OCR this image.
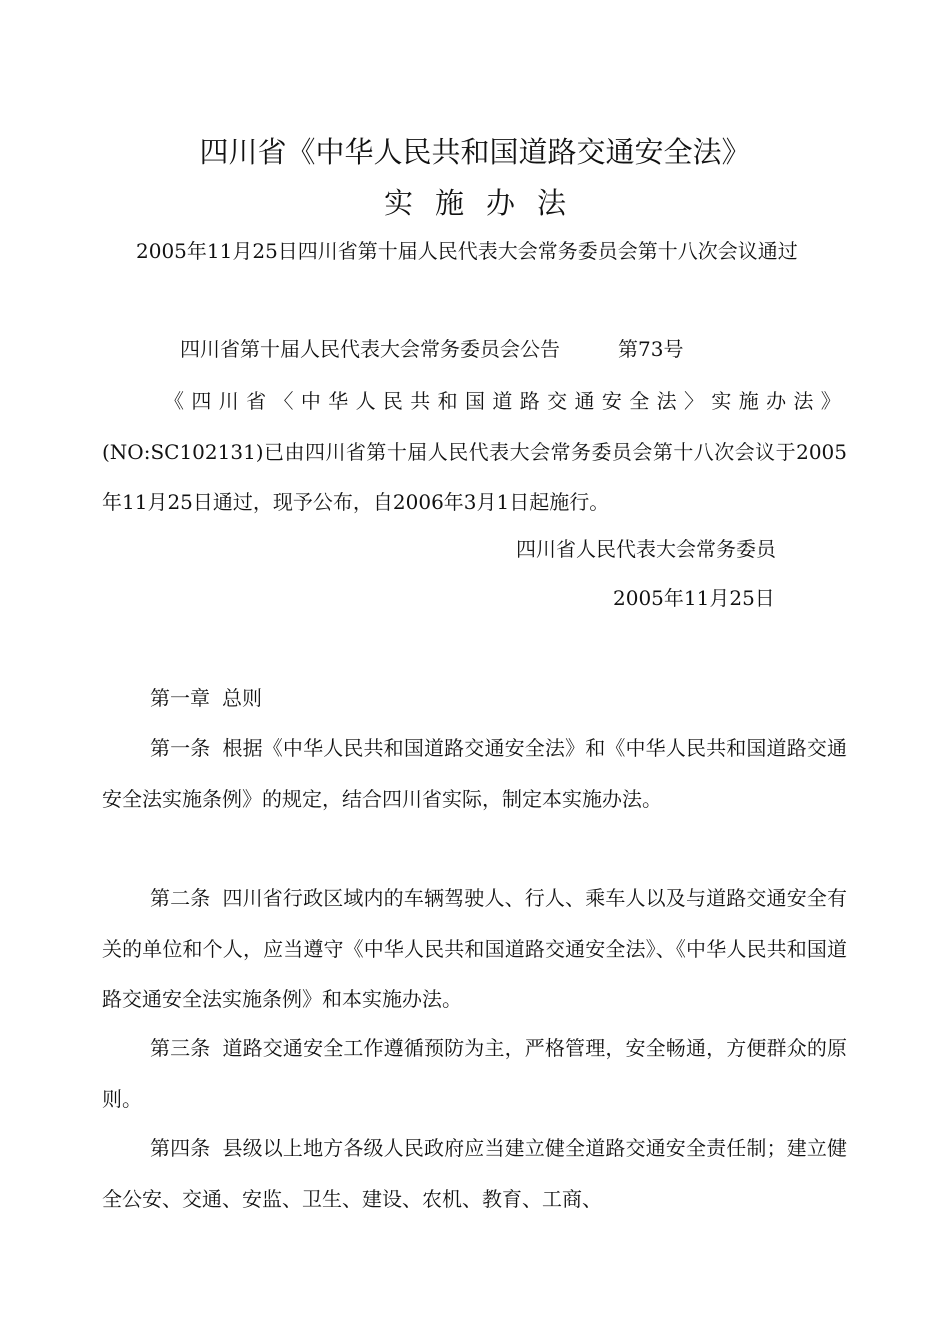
四川省《中华人民共和国道路交通安全法》
实施办法

2005年11月25日四川省第十届人民代表大会常务委员会第十八次会议通过

四川省第十届人民代表大会常务委员会公告	第73号

《四川省〈中华人民共和国道路交通安全法〉实施办法》(NO:SC102131)已由四川省第十届人民代表大会常务委员会第十八次会议于2005年11月25日通过，现予公布，自2006年3月1日起施行。

四川省人民代表大会常务委员
2005年11月25日
第一章 总则

第一条 根据《中华人民共和国道路交通安全法》和《中华人民共和国道路交通安全法实施条例》的规定，结合四川省实际，制定本实施办法。

第二条 四川省行政区域内的车辆驾驶人、行人、乘车人以及与道路交通安全有关的单位和个人，应当遵守《中华人民共和国道路交通安全法》、《中华人民共和国道路交通安全法实施条例》和本实施办法。

第三条 道路交通安全工作遵循预防为主，严格管理，安全畅通，方便群众的原则。

第四条 县级以上地方各级人民政府应当建立健全道路交通安全责任制；建立健全公安、交通、安监、卫生、建设、农机、教育、工商、
